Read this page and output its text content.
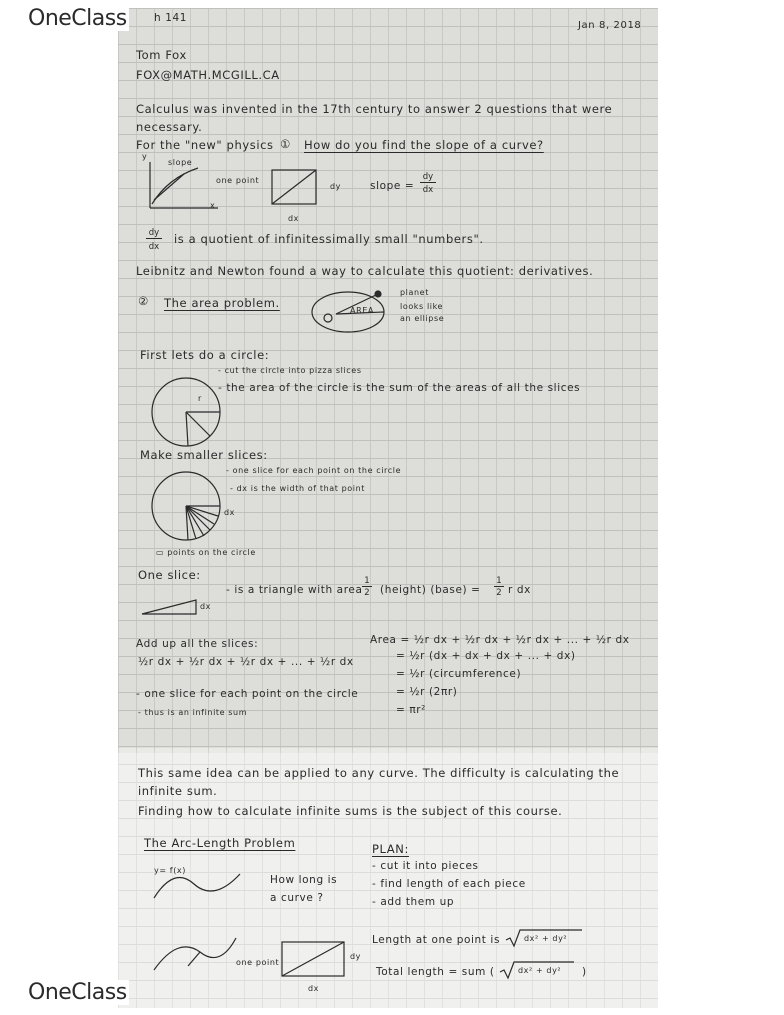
h 141
Jan 8, 2018
Tom Fox
FOX@MATH.MCGILL.CA
Calculus was invented in the 17th century to answer 2 questions that were
necessary.
For the "new" physics ① How do you find the slope of a curve?
y
slope
one point
x
dy
dx
slope =
dy
dx
dy
dx
is a quotient of infinitessimally small "numbers".
Leibnitz and Newton found a way to calculate this quotient: derivatives.
② The area problem.
AREA
planet
looks like
an ellipse
First lets do a circle:
- cut the circle into pizza slices
- the area of the circle is the sum of the areas of all the slices
r
Make smaller slices:
- one slice for each point on the circle
- dx is the width of that point
dx
▭ points on the circle
One slice:
- is a triangle with area
1
2 (height) (base) =
1
2 r dx
dx
Add up all the slices:
½r dx + ½r dx + ½r dx + ... + ½r dx
- one slice for each point on the circle
- thus is an infinite sum
Area = ½r dx + ½r dx + ½r dx + ... + ½r dx
= ½r (dx + dx + dx + ... + dx)
= ½r (circumference)
= ½r (2πr)
= πr²
This same idea can be applied to any curve. The difficulty is calculating the
infinite sum.
Finding how to calculate infinite sums is the subject of this course.
The Arc-Length Problem
y= f(x)
How long is
a curve ?
PLAN:
- cut it into pieces
- find length of each piece
- add them up
one point
dy
dx
Length at one point is	dx² + dy²
Total length = sum (	dx² + dy² )
OneClass
OneClass
